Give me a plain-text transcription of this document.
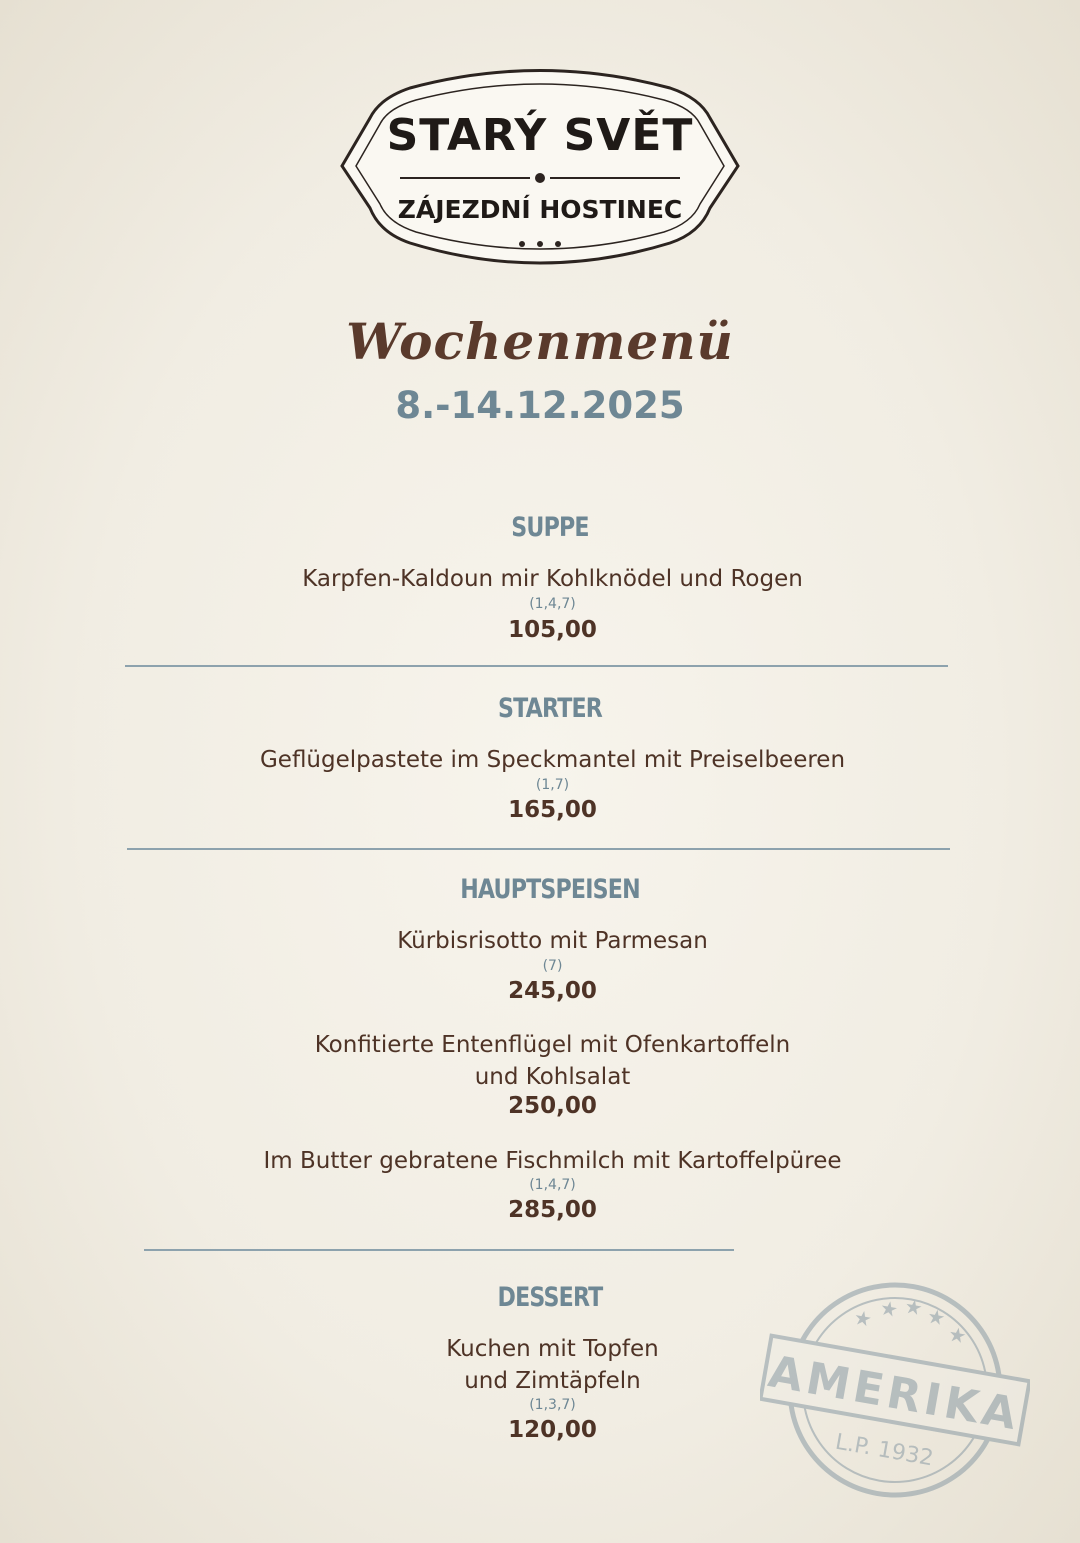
STARÝ SVĚT
ZÁJEZDNÍ HOSTINEC
Wochenmenü
8.-14.12.2025
SUPPE
Karpfen-Kaldoun mir Kohlknödel und Rogen
(1,4,7)
105,00
STARTER
Geflügelpastete im Speckmantel mit Preiselbeeren
(1,7)
165,00
HAUPTSPEISEN
Kürbisrisotto mit Parmesan
(7)
245,00
Konfitierte Entenflügel mit Ofenkartoffeln
und Kohlsalat
250,00
Im Butter gebratene Fischmilch mit Kartoffelpüree
(1,4,7)
285,00
DESSERT
Kuchen mit Topfen
und Zimtäpfeln
(1,3,7)
120,00	AMERIKA
L.P. 1932
★ ★ ★ ★
★
